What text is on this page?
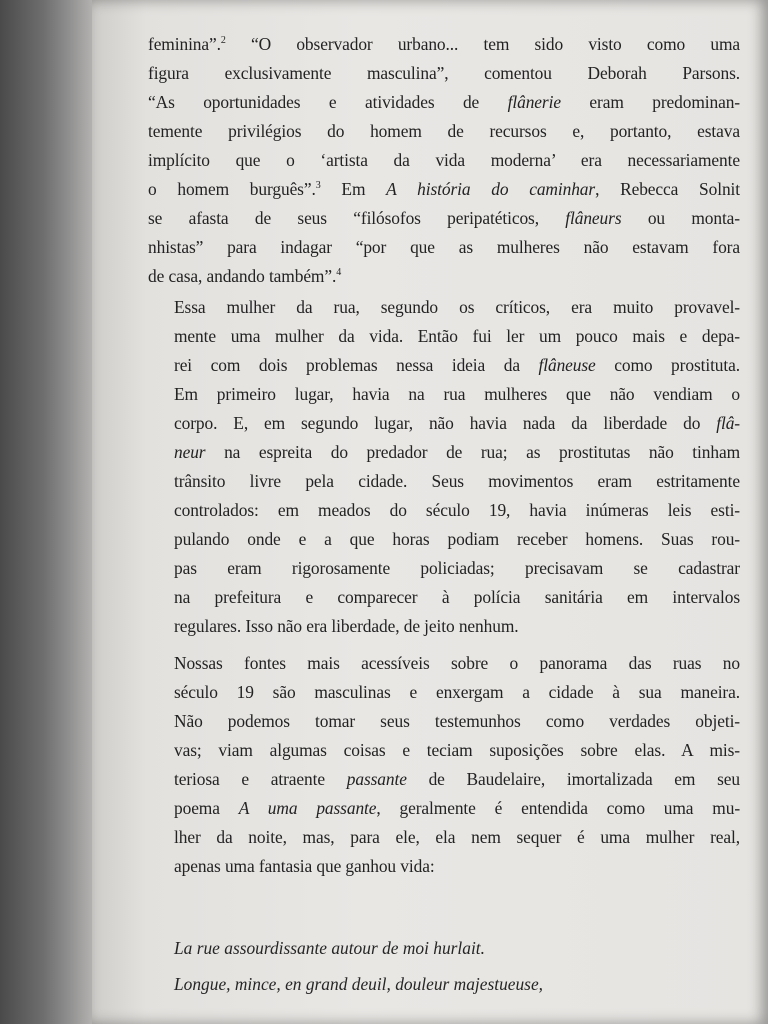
feminina”.$^2$ “O observador urbano... tem sido visto como uma
figura exclusivamente masculina”, comentou Deborah Parsons.
“As oportunidades e atividades de flânerie eram predominan-
temente privilégios do homem de recursos e, portanto, estava
implícito que o ‘artista da vida moderna’ era necessariamente
o homem burguês”.$^3$ Em A história do caminhar, Rebecca Solnit
se afasta de seus “filósofos peripatéticos, flâneurs ou monta-
nhistas” para indagar “por que as mulheres não estavam fora
de casa, andando também”.$^4$

Essa mulher da rua, segundo os críticos, era muito provavel-
mente uma mulher da vida. Então fui ler um pouco mais e depa-
rei com dois problemas nessa ideia da flâneuse como prostituta.
Em primeiro lugar, havia na rua mulheres que não vendiam o
corpo. E, em segundo lugar, não havia nada da liberdade do flâ-
neur na espreita do predador de rua; as prostitutas não tinham
trânsito livre pela cidade. Seus movimentos eram estritamente
controlados: em meados do século 19, havia inúmeras leis esti-
pulando onde e a que horas podiam receber homens. Suas rou-
pas eram rigorosamente policiadas; precisavam se cadastrar
na prefeitura e comparecer à polícia sanitária em intervalos
regulares. Isso não era liberdade, de jeito nenhum.

Nossas fontes mais acessíveis sobre o panorama das ruas no
século 19 são masculinas e enxergam a cidade à sua maneira.
Não podemos tomar seus testemunhos como verdades objeti-
vas; viam algumas coisas e teciam suposições sobre elas. A mis-
teriosa e atraente passante de Baudelaire, imortalizada em seu
poema A uma passante, geralmente é entendida como uma mu-
lher da noite, mas, para ele, ela nem sequer é uma mulher real,
apenas uma fantasia que ganhou vida:

La rue assourdissante autour de moi hurlait.
Longue, mince, en grand deuil, douleur majestueuse,
